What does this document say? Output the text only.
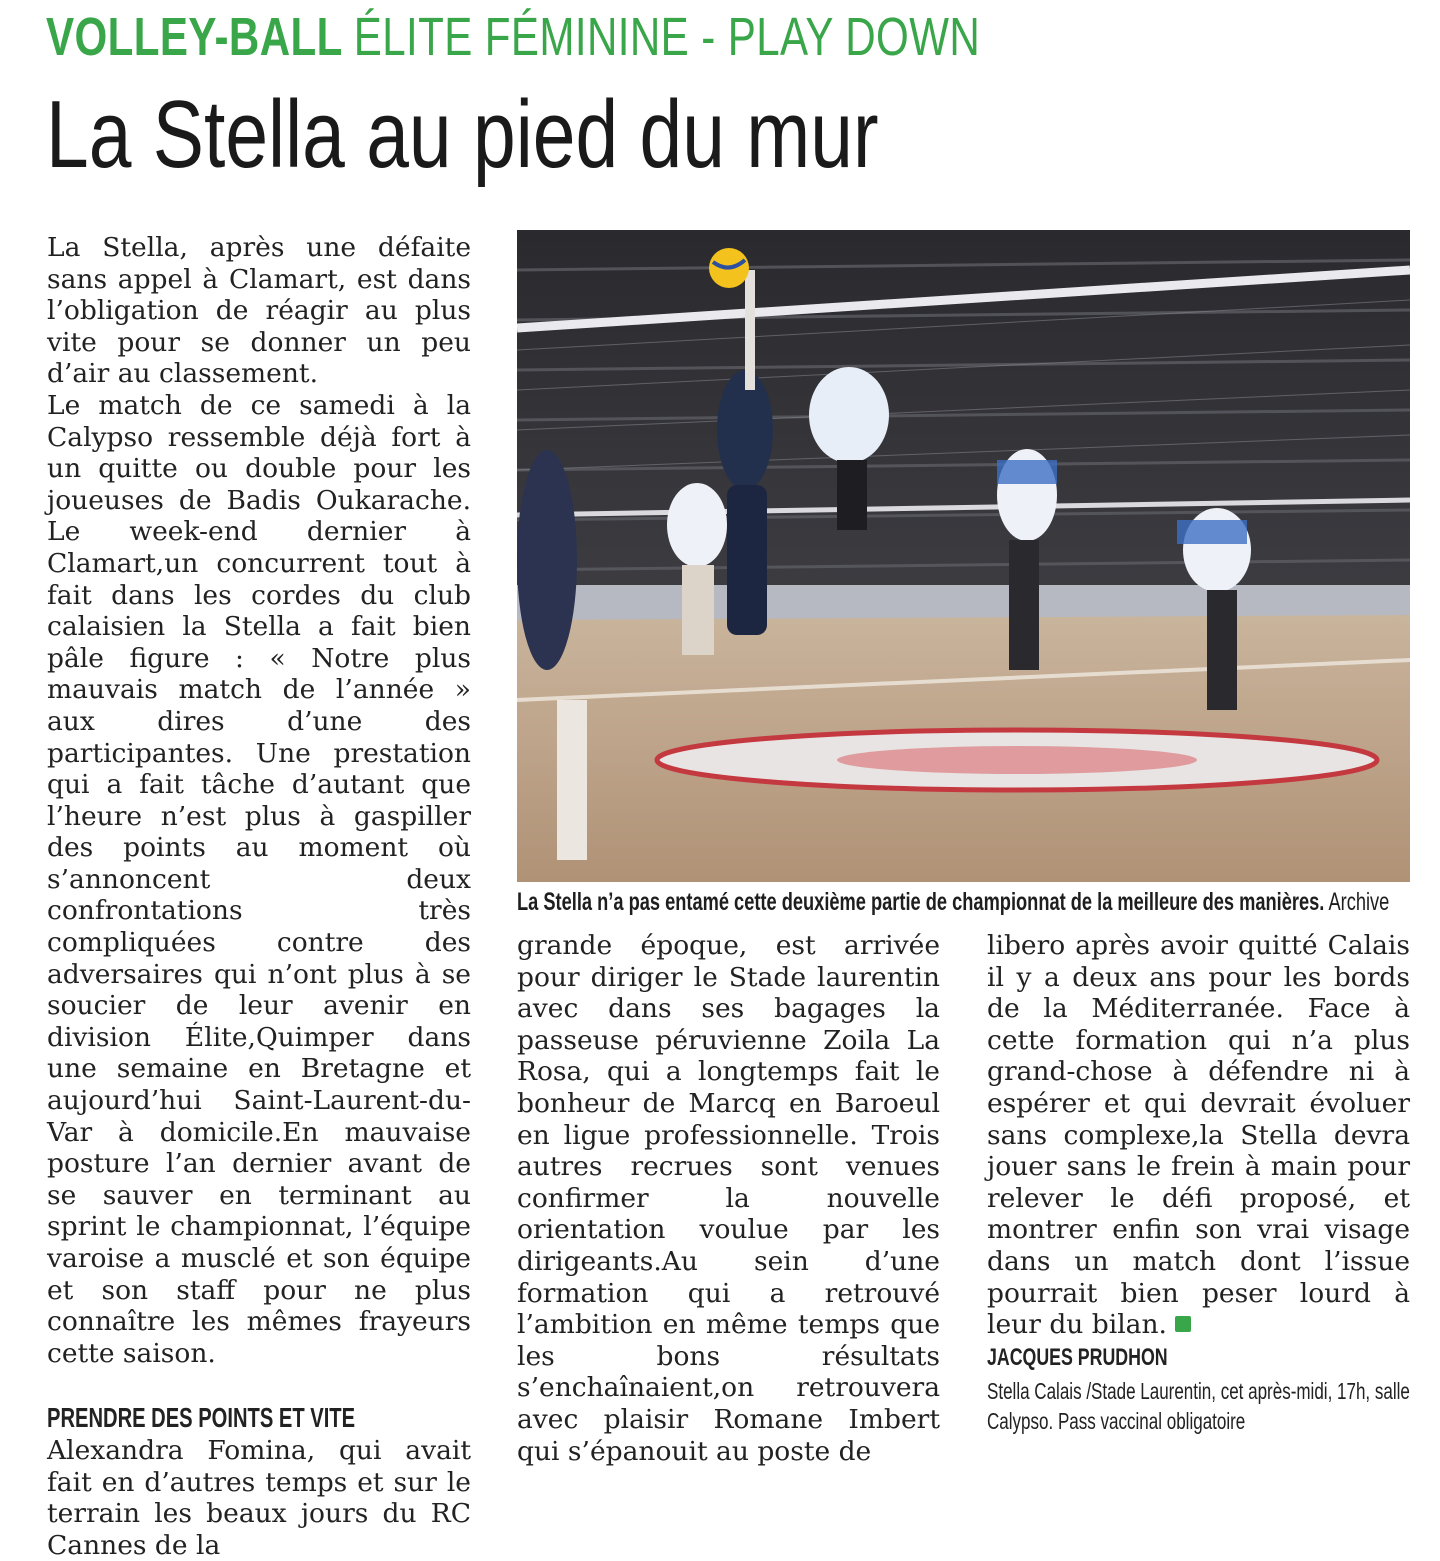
VOLLEY-BALL ÉLITE FÉMININE - PLAY DOWN
La Stella au pied du mur

La Stella, après une défaite sans appel à Clamart, est dans l’obligation de réagir au plus vite pour se donner un peu d’air au classement.

Le match de ce samedi à la Calypso ressemble déjà fort à un quitte ou double pour les joueuses de Badis Oukarache. Le week-end dernier à Clamart,un concurrent tout à fait dans les cordes du club calaisien la Stella a fait bien pâle figure : « Notre plus mauvais match de l’année » aux dires d’une des participantes. Une prestation qui a fait tâche d’autant que l’heure n’est plus à gaspiller des points au moment où s’annoncent deux confrontations très compliquées contre des adversaires qui n’ont plus à se soucier de leur avenir en division Élite,Quimper dans une semaine en Bretagne et aujourd’hui Saint-Laurent-du-Var à domicile.En mauvaise posture l’an dernier avant de se sauver en terminant au sprint le championnat, l’équipe varoise a musclé et son équipe et son staff pour ne plus connaître les mêmes frayeurs cette saison.

PRENDRE DES POINTS ET VITE

Alexandra Fomina, qui avait fait en d’autres temps et sur le terrain les beaux jours du RC Cannes de la

La Stella n’a pas entamé cette deuxième partie de championnat de la meilleure des manières. Archive

grande époque, est arrivée pour diriger le Stade laurentin avec dans ses bagages la passeuse péruvienne Zoila La Rosa, qui a longtemps fait le bonheur de Marcq en Baroeul en ligue professionnelle. Trois autres recrues sont venues confirmer la nouvelle orientation voulue par les dirigeants.Au sein d’une formation qui a retrouvé l’ambition en même temps que les bons résultats s’enchaînaient,on retrouvera avec plaisir Romane Imbert qui s’épanouit au poste de

libero après avoir quitté Calais il y a deux ans pour les bords de la Méditerranée. Face à cette formation qui n’a plus grand-chose à défendre ni à espérer et qui devrait évoluer sans complexe,la Stella devra jouer sans le frein à main pour relever le défi proposé, et montrer enfin son vrai visage dans un match dont l’issue pourrait bien peser lourd à leur du bilan.

JACQUES PRUDHON
Stella Calais /Stade Laurentin, cet après-midi, 17h, salle Calypso. Pass vaccinal obligatoire
